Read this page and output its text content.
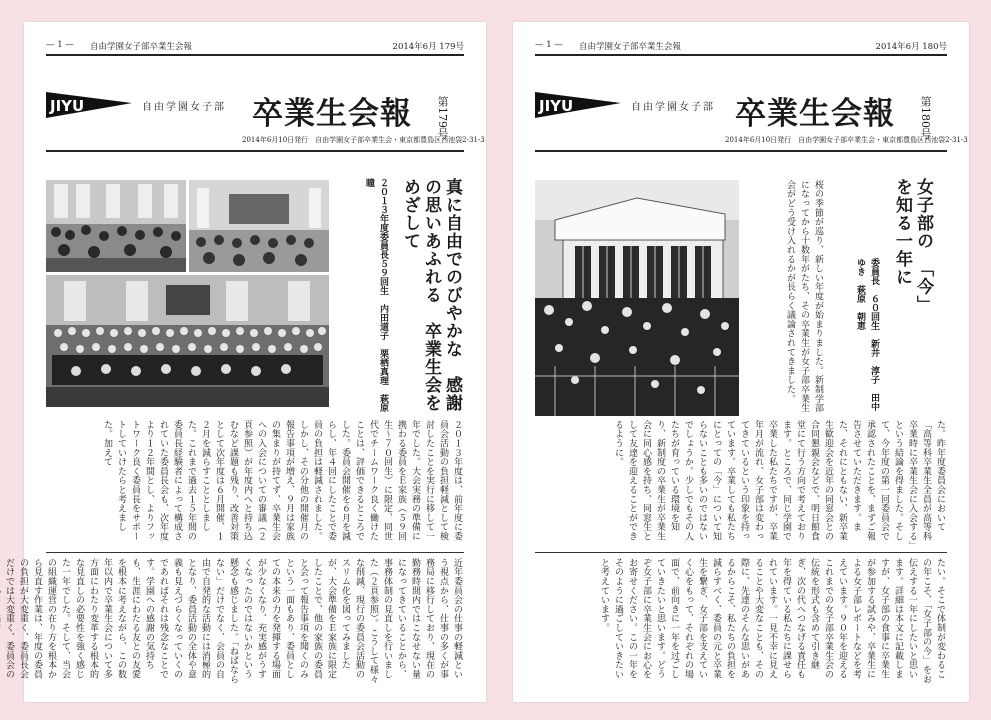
— 1 — 自由学園女子部卒業生会報	2014年6月 179号
JIYU	自由学園女子部 卒業生会報 第179号
2014年6月10日発行　自由学園女子部卒業生会・東京都豊島区西池袋2-31-3
真に自由でのびやかな　感謝の思いあふれる　卒業生会をめざして
２０１３年度委員長５９回生　内田道子　栗栖真理　萩原　瞳
２０１３年度は、前年度に委員会活動の負担軽減として検討したことを実行に移して一年でした。大会実務の準備に携わる委員をＥ家族（５９回生～７０回生）に限定、同世代でチームワーク良く働けたことは、評価できるところでした。委員会開催を６月を減らし、年４回にしたことで委員の負担は軽減されました。しかし、その分他の開催月の報告事項が増え、９月は家族の集まりが持てず、卒業生会への入会についての審議（２頁参照）が年度内へと持ち込むなど課題も残り、改善対策として次年度は６月開催、１２月を減らすこととしました。これまで過去１５年間の委員長経験者によって構成されていた委員長会も、次年度より１２年間とし、よりフットワーク良く委員長をサポートしていけたらと考えました。加えて
近年委員会の仕事の軽減という視点から、仕事の多くが事務局に移行しており、現在の勤務時間内ではこなせない量になってきていることから、事務体制の見直しを行いました（２頁参照）。こうして様々な削減、現行の委員会活動のスリム化を図ってみましたが、大会準備をＥ家族に限定したことで、他の家族の委員と会って報告事項を聞くのみという一面もあり、委員としての本来の力を発揮する場面が少なくなり、充実感がうすくなったのではないかという懸念も感じました。「ねばならない」だけでなく、会員の自由で自発的な活動には消極的となり、委員活動の全体や意義も見えづらくなっていくのであればそれは残念なことです。学園への感謝の気持ちも、生涯にわたる友との友愛を根本に考えながら、この数年以内で卒業生会について多方面にわたり変革する根本的な見直しの必要性を強く感じた一年でした。そして、当会の組織運営の在り方を根本から見直す作業は、年度の委員の負担が大変重く、委員長会だけでは大変重く、委員会の
— 1 — 自由学園女子部卒業生会報	2014年6月 180号
JIYU	自由学園女子部 卒業生会報 第180号
2014年6月10日発行　自由学園女子部卒業生会・東京都豊島区西池袋2-31-3
女子部の　「今」を知る一年に
委員長　６０回生　新井　淳子　田中　ゆき　萩原　朝恵
桜の季節が巡り、新しい年度が始まりました。新制学部になってから十数年がたち、その卒業生が女子部卒業生会がどう受け入れるかが長らく議論されてきました。
た。昨年度委員会において「高等科卒業生全員が高等科卒業時に卒業生会に入会する」という結論を得ました。そして、今年度の第一回委員会で承認されたことを、まずご報告させていただきます。また、それにともない、新卒業生歓迎会を近年の同窓会との合同懇親会などで、明日館食堂にて行う方向で考えております。ところで、同じ学園で卒業した私たちですが、卒業年月が流れ、女子部は変わってきているという印象を持っています。卒業しても私たちにとっての「今」について知らないことも多いのではないでしょうか。少しでもその人たちが育っている環境を知り、新制度の卒業生が卒業生会に同心感を持ち、同窓生として友達を迎えることができるように。
たい。そこで体制が変わるこの年こそ、「女子部の今」をお伝えする一年にしたいと思います。詳細は本文に記載しますが、女子部の食事に卒業生が参加する試みや、卒業生による女子部レポートなどを考えています。９０年を迎えるこれまでの女子部卒業生会の伝統を形式も含めて引き継ぎ、次の代へつなげる責任も年を得ている私たちに課せられています。一見不幸に見えることや大変なことも、その際に、先達のそんな思いがあるからこそ、私たちの負担を減らすべく、委員の元と卒業生を繋ぎ、女子部を支えていく心をもって、それぞれの場面で、前向きに一年を过ごしていきたいと思います。どうぞ女子部に卒業生会にお心をお寄せください。この一年をそのように過ごしていきたいと考えています。
